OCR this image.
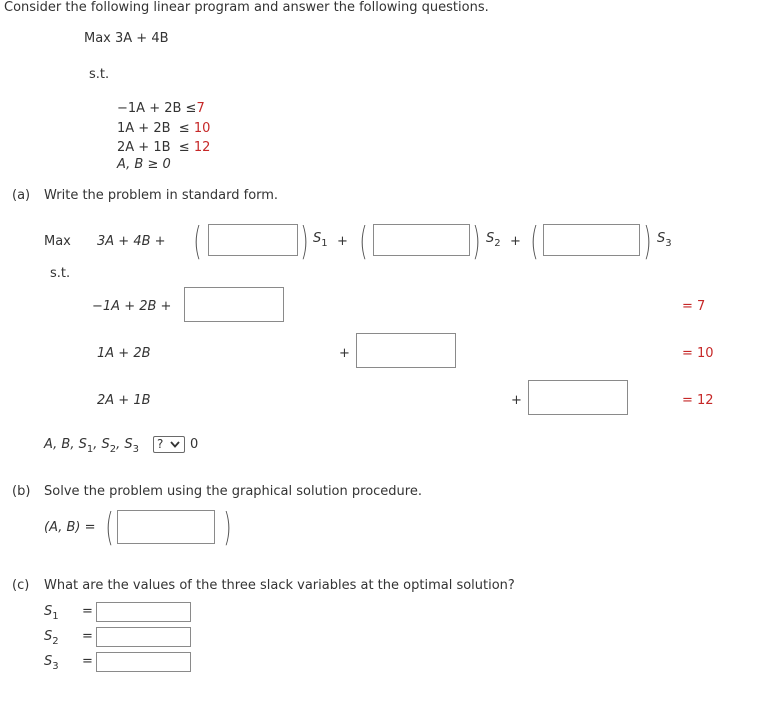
Consider the following linear program and answer the following questions.
Max 3A + 4B
s.t.
−1A + 2B ≤7
1A + 2B ≤ 10
2A + 1B ≤ 12
A, B ≥ 0
(a) Write the problem in standard form.
Max 3A + 4B + (	) $S_1$ + (	) $S_2$ + (	) $S_3$
s.t.
−1A + 2B +	= 7
1A + 2B	+	= 10
2A + 1B	+	= 12
A, B, $S_1$, $S_2$, $S_3$	?	0
(b) Solve the problem using the graphical solution procedure.
(A, B) = (	)
(c) What are the values of the three slack variables at the optimal solution?
$S_1$ =
$S_2$ =
$S_3$ =
